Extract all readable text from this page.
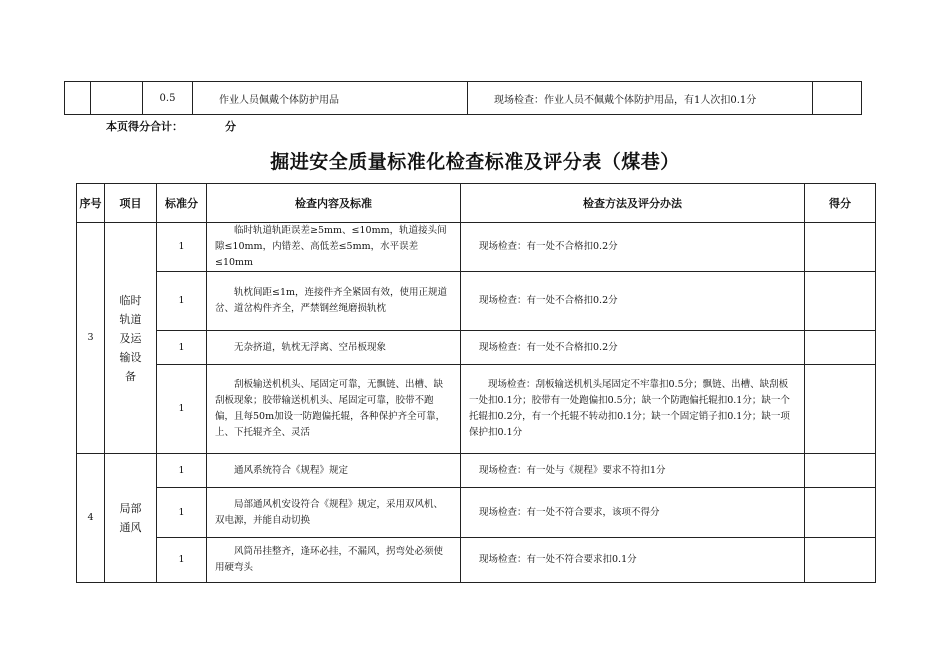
		0.5	作业人员佩戴个体防护用品	现场检查：作业人员不佩戴个体防护用品，有1人次扣0.1分	
本页得分合计：	分
掘进安全质量标准化检查标准及评分表（煤巷）
序号	项目	标准分	检查内容及标准	检查方法及评分办法	得分
3	临时轨道及运输设备	1	临时轨道轨距误差≥5mm、≤10mm，轨道接头间隙≤10mm，内错差、高低差≤5mm，水平误差≤10mm	现场检查：有一处不合格扣0.2分	
		1	轨枕间距≤1m，连接件齐全紧固有效，使用正规道岔、道岔构件齐全，严禁钢丝绳磨损轨枕	现场检查：有一处不合格扣0.2分	
		1	无杂挤道，轨枕无浮离、空吊板现象	现场检查：有一处不合格扣0.2分	
		1	刮板输送机机头、尾固定可靠，无飘链、出槽、缺刮板现象；胶带输送机机头、尾固定可靠，胶带不跑偏，且每50m加设一防跑偏托辊，各种保护齐全可靠，上、下托辊齐全、灵活	现场检查：刮板输送机机头尾固定不牢靠扣0.5分；飘链、出槽、缺刮板一处扣0.1分；胶带有一处跑偏扣0.5分；缺一个防跑偏托辊扣0.1分；缺一个托辊扣0.2分，有一个托辊不转动扣0.1分；缺一个固定销子扣0.1分；缺一项保护扣0.1分	
4	局部通风	1	通风系统符合《规程》规定	现场检查：有一处与《规程》要求不符扣1分	
		1	局部通风机安设符合《规程》规定，采用双风机、双电源，并能自动切换	现场检查：有一处不符合要求，该项不得分	
		1	风筒吊挂整齐，逢环必挂，不漏风，拐弯处必须使用硬弯头	现场检查：有一处不符合要求扣0.1分	
